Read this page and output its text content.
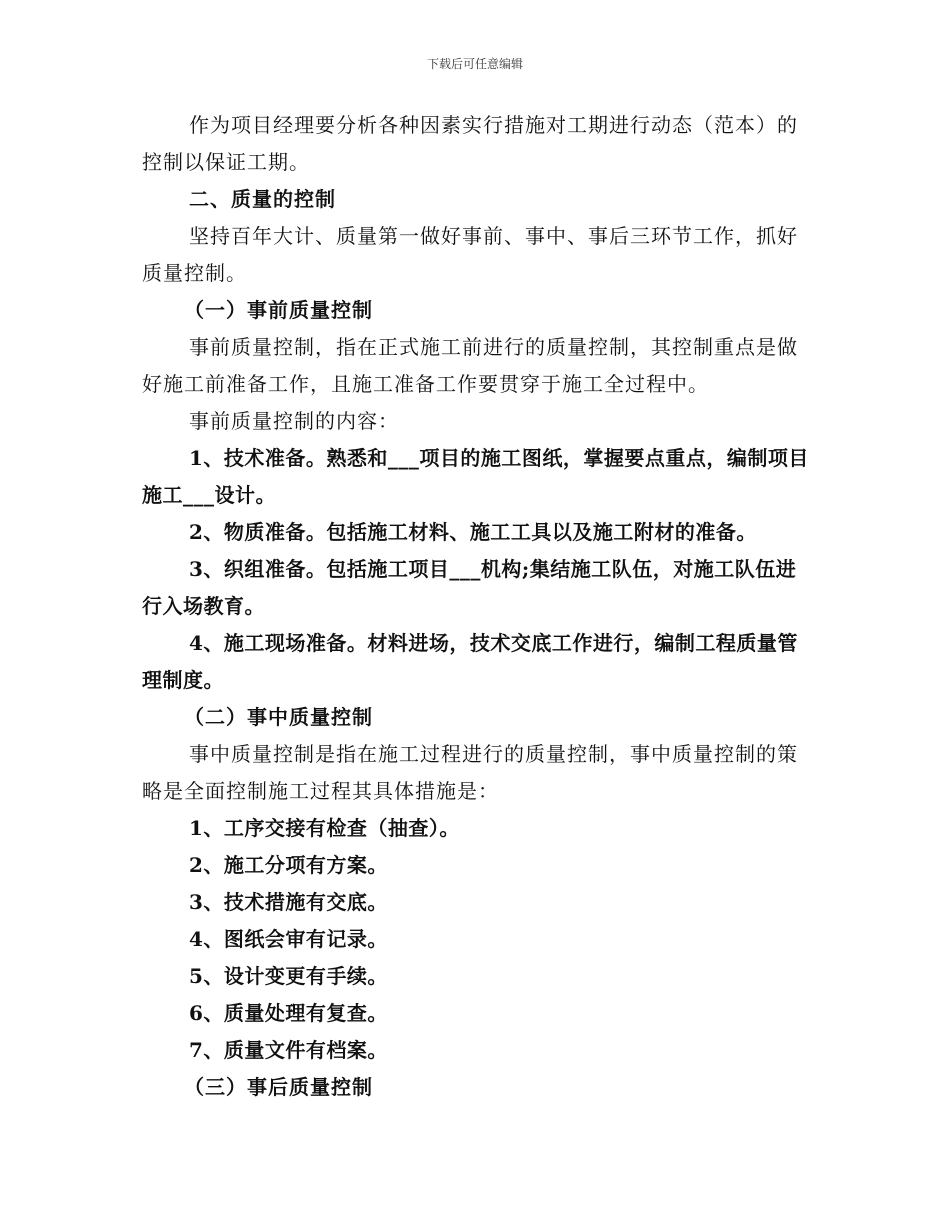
下载后可任意编辑

作为项目经理要分析各种因素实行措施对工期进行动态（范本）的控制以保证工期。

二、质量的控制

坚持百年大计、质量第一做好事前、事中、事后三环节工作，抓好质量控制。

（一）事前质量控制

事前质量控制，指在正式施工前进行的质量控制，其控制重点是做好施工前准备工作，且施工准备工作要贯穿于施工全过程中。

事前质量控制的内容：

1、技术准备。熟悉和___项目的施工图纸，掌握要点重点，编制项目施工___设计。

2、物质准备。包括施工材料、施工工具以及施工附材的准备。

3、织组准备。包括施工项目___机构;集结施工队伍，对施工队伍进行入场教育。

4、施工现场准备。材料进场，技术交底工作进行，编制工程质量管理制度。

（二）事中质量控制

事中质量控制是指在施工过程进行的质量控制，事中质量控制的策略是全面控制施工过程其具体措施是：

1、工序交接有检查（抽查）。

2、施工分项有方案。

3、技术措施有交底。

4、图纸会审有记录。

5、设计变更有手续。

6、质量处理有复查。

7、质量文件有档案。

（三）事后质量控制
